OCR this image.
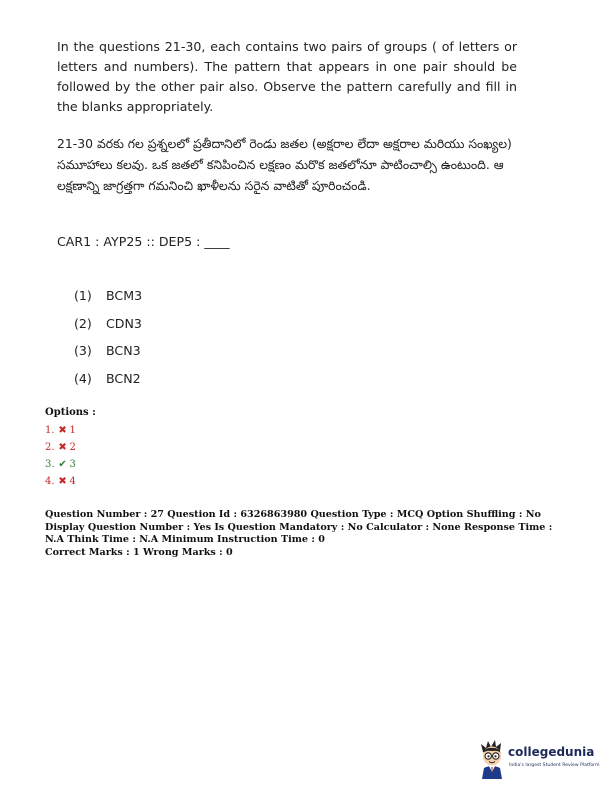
In the questions 21-30, each contains two pairs of groups ( of letters or letters and numbers). The pattern that appears in one pair should be followed by the other pair also. Observe the pattern carefully and fill in the blanks appropriately.

21-30 వరకు గల ప్రశ్నలలో ప్రతీదానిలో రెండు జతల (అక్షరాల లేదా అక్షరాల మరియు సంఖ్యల) సమూహాలు కలవు. ఒక జతలో కనిపించిన లక్షణం మరొక జతలోనూ పాటించాల్సి ఉంటుంది. ఆ లక్షణాన్ని జాగ్రత్తగా గమనించి ఖాళీలను సరైన వాటితో పూరించండి.

CAR1 : AYP25 :: DEP5 : ____
(1) BCM3
(2) CDN3
(3) BCN3
(4) BCN2
Options :
1. ✖ 1
2. ✖ 2
3. ✔ 3
4. ✖ 4

Question Number : 27 Question Id : 6326863980 Question Type : MCQ Option Shuffling : No Display Question Number : Yes Is Question Mandatory : No Calculator : None Response Time : N.A Think Time : N.A Minimum Instruction Time : 0

Correct Marks : 1 Wrong Marks : 0
collegedunia
India's largest Student Review Platform
